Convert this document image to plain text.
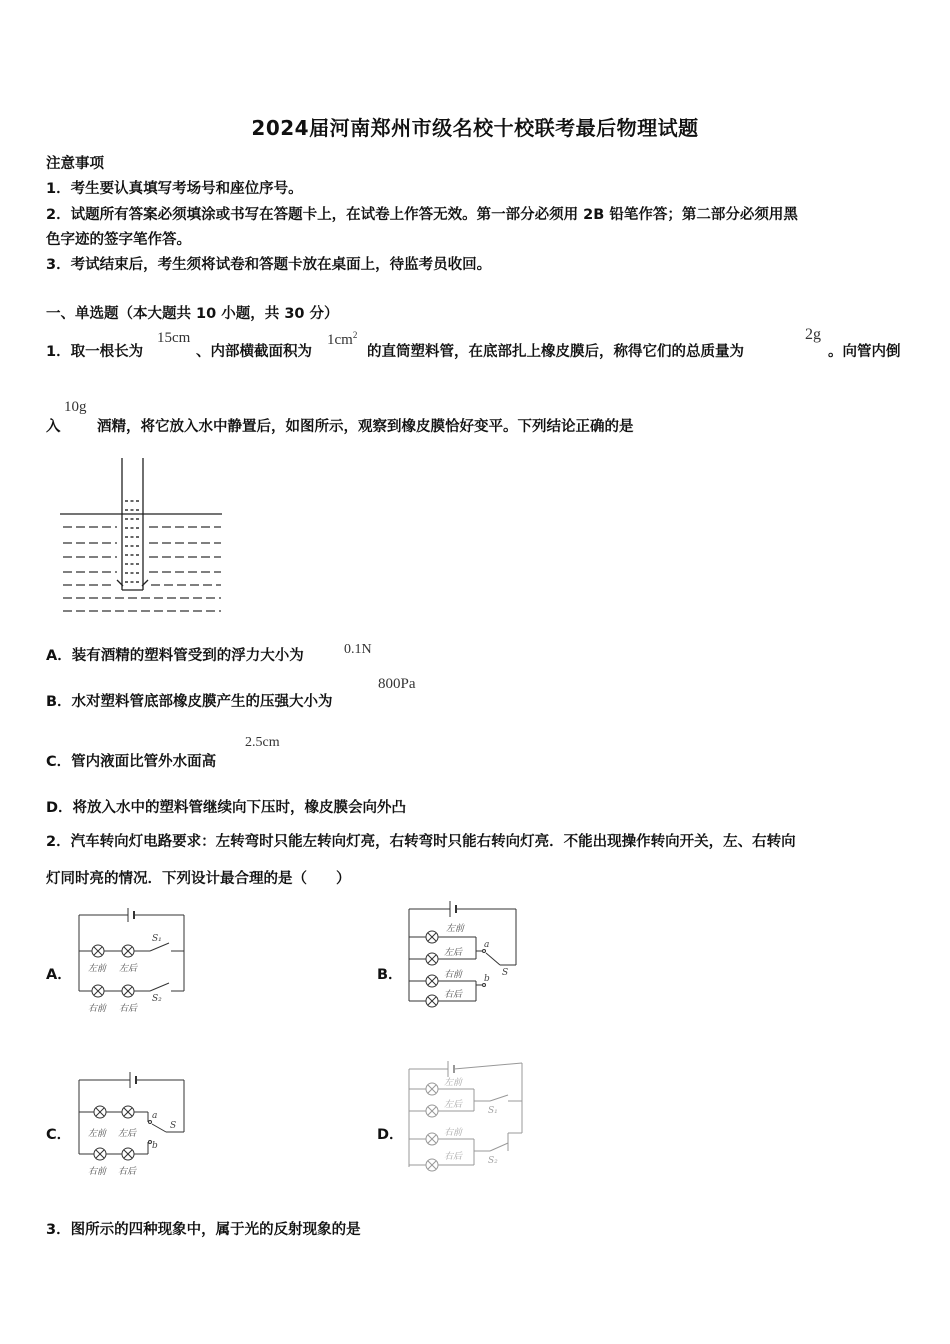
2024届河南郑州市级名校十校联考最后物理试题
注意事项
1．考生要认真填写考场号和座位序号。
2．试题所有答案必须填涂或书写在答题卡上，在试卷上作答无效。第一部分必须用 2B 铅笔作答；第二部分必须用黑
色字迹的签字笔作答。
3．考试结束后，考生须将试卷和答题卡放在桌面上，待监考员收回。
一、单选题（本大题共 10 小题，共 30 分）
1．取一根长为
15cm
、内部横截面积为
$1cm^2$
的直筒塑料管，在底部扎上橡皮膜后，称得它们的总质量为
2g
。向管内倒
入
10g
酒精，将它放入水中静置后，如图所示，观察到橡皮膜恰好变平。下列结论正确的是
A．装有酒精的塑料管受到的浮力大小为	0.1N
B．水对塑料管底部橡皮膜产生的压强大小为
800Pa
C．管内液面比管外水面高
2.5cm
D．将放入水中的塑料管继续向下压时，橡皮膜会向外凸
2．汽车转向灯电路要求：左转弯时只能左转向灯亮，右转弯时只能右转向灯亮．不能出现操作转向开关，左、右转向
灯同时亮的情况．下列设计最合理的是（　　）
A．	B．
C．	D．
左前 左后
S₁
右前 右后
S₂
左前
左后
右前
右后
a
b
S
左前 左后
a
b
S
右前 右后
左前
左后
右前
右后
S₁
S₂
3．图所示的四种现象中，属于光的反射现象的是
